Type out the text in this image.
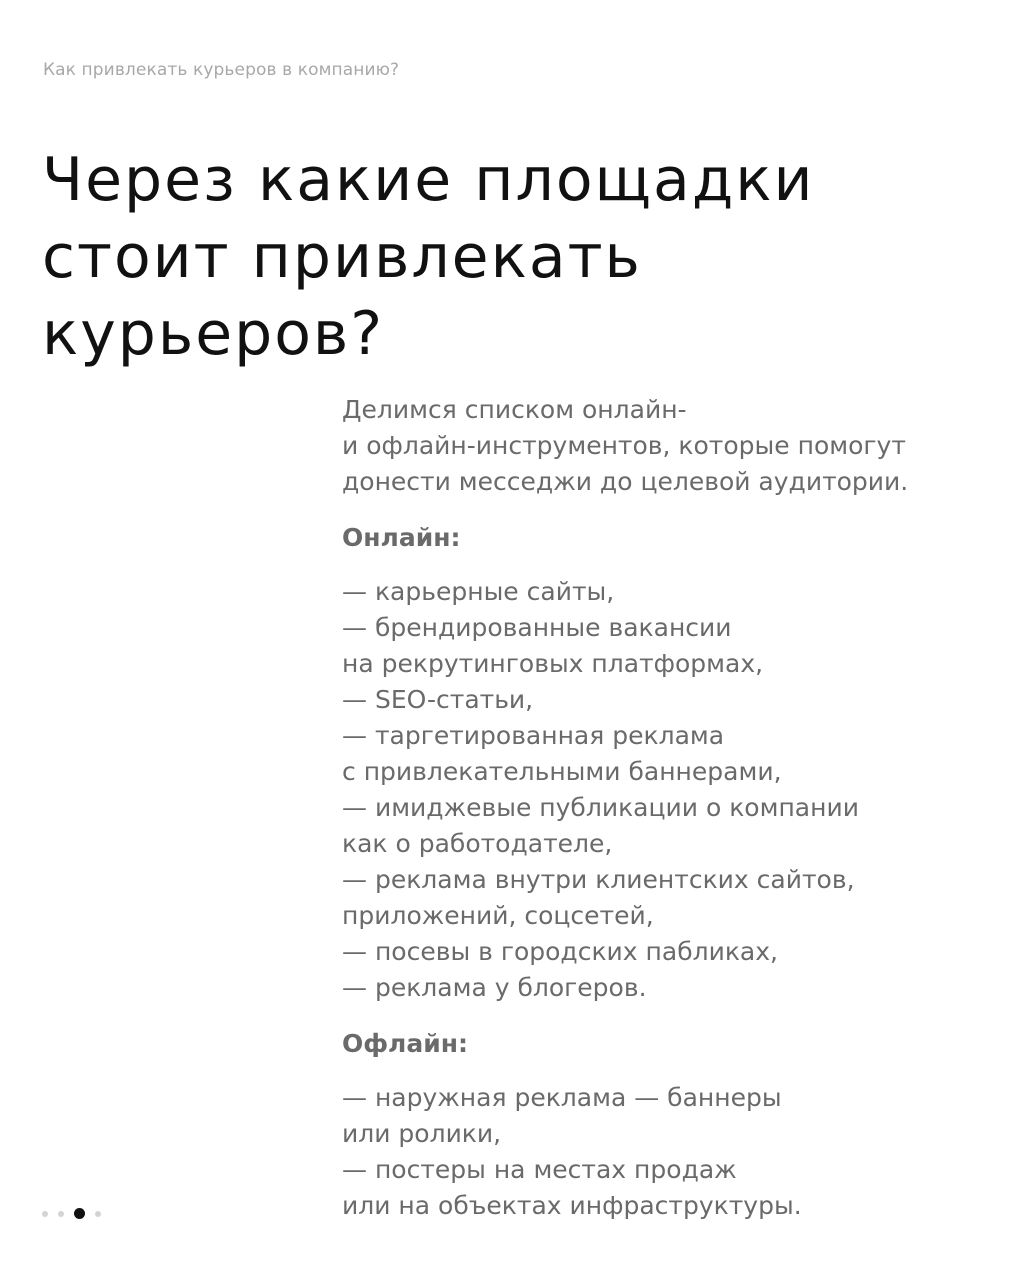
Как привлекать курьеров в компанию?
Через какие площадки
стоит привлекать
курьеров?
Делимся списком онлайн-
и офлайн-инструментов, которые помогут
донести месседжи до целевой аудитории.
Онлайн:
— карьерные сайты,
— брендированные вакансии
на рекрутинговых платформах,
— SEO-статьи,
— таргетированная реклама
с привлекательными баннерами,
— имиджевые публикации о компании
как о работодателе,
— реклама внутри клиентских сайтов,
приложений, соцсетей,
— посевы в городских пабликах,
— реклама у блогеров.
Офлайн:
— наружная реклама — баннеры
или ролики,
— постеры на местах продаж
или на объектах инфраструктуры.
